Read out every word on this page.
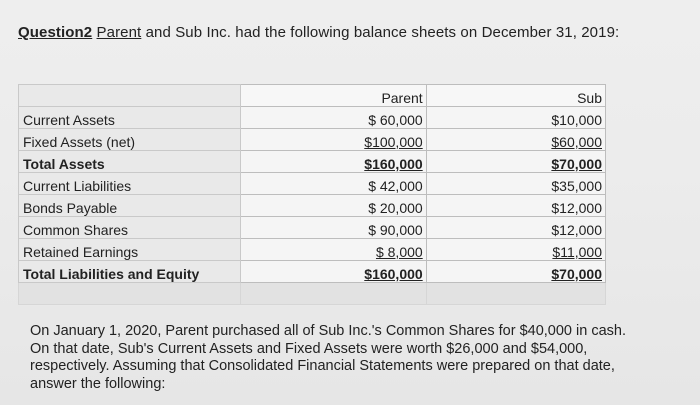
Question2 Parent and Sub Inc. had the following balance sheets on December 31, 2019:
	Parent	Sub
Current Assets	$ 60,000	$10,000
Fixed Assets (net)	$100,000	$60,000
Total Assets	$160,000	$70,000
Current Liabilities	$ 42,000	$35,000
Bonds Payable	$ 20,000	$12,000
Common Shares	$ 90,000	$12,000
Retained Earnings	$ 8,000	$11,000
Total Liabilities and Equity	$160,000	$70,000

On January 1, 2020, Parent purchased all of Sub Inc.'s Common Shares for $40,000 in cash.
On that date, Sub's Current Assets and Fixed Assets were worth $26,000 and $54,000,
respectively. Assuming that Consolidated Financial Statements were prepared on that date,
answer the following:
